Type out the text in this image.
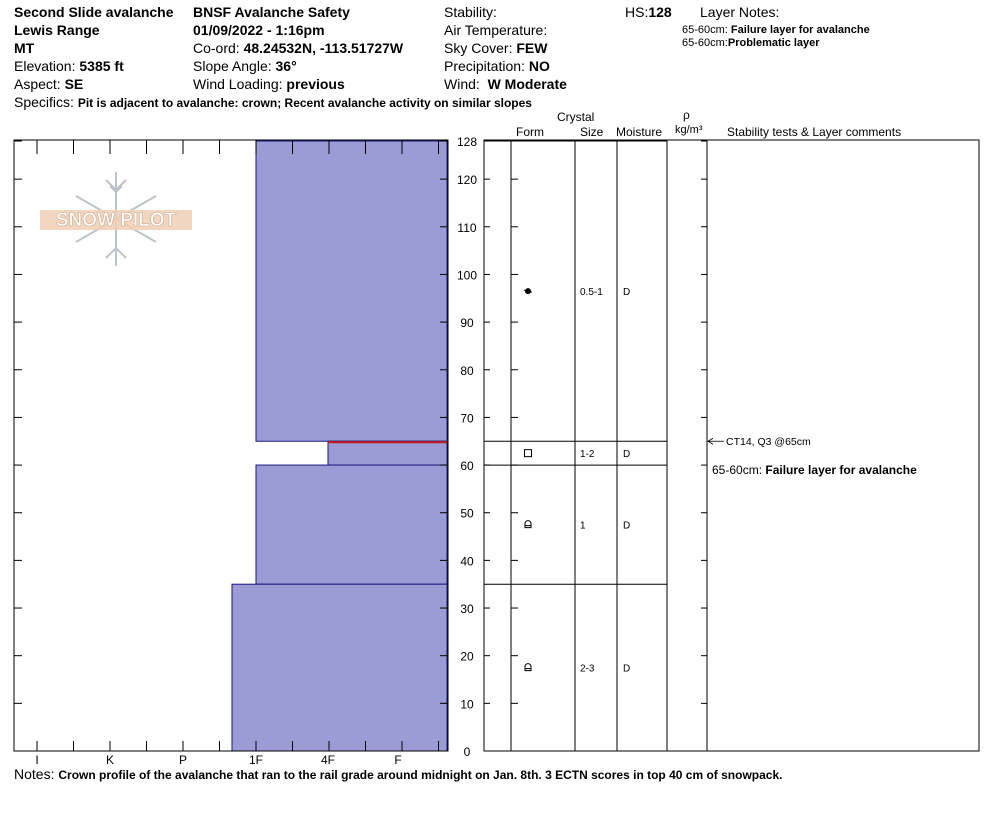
Second Slide avalanche
Lewis Range
MT
Elevation: 5385 ft
Aspect: SE
BNSF Avalanche Safety
01/09/2022 - 1:16pm
Co-ord: 48.24532N, -113.51727W
Slope Angle: 36°
Wind Loading: previous
Stability:
Air Temperature:
Sky Cover: FEW
Precipitation: NO
Wind: W Moderate
HS:128 Layer Notes:
65-60cm: Failure layer for avalanche
65-60cm:Problematic layer
Specifics: Pit is adjacent to avalanche: crown; Recent avalanche activity on similar slopes
Crystal
Form	Size Moisture
ρ
kg/m³ Stability tests & Layer comments
SNOW PILOT
0
10
20
30
40
50
60
70
80
90
100
110
120
128
0.5-1 D
1-2	D
1	D
2-3	D
I	K	P	1F	4F	F
CT14, Q3 @65cm
65-60cm: Failure layer for avalanche
Notes: Crown profile of the avalanche that ran to the rail grade around midnight on Jan. 8th. 3 ECTN scores in top 40 cm of snowpack.
